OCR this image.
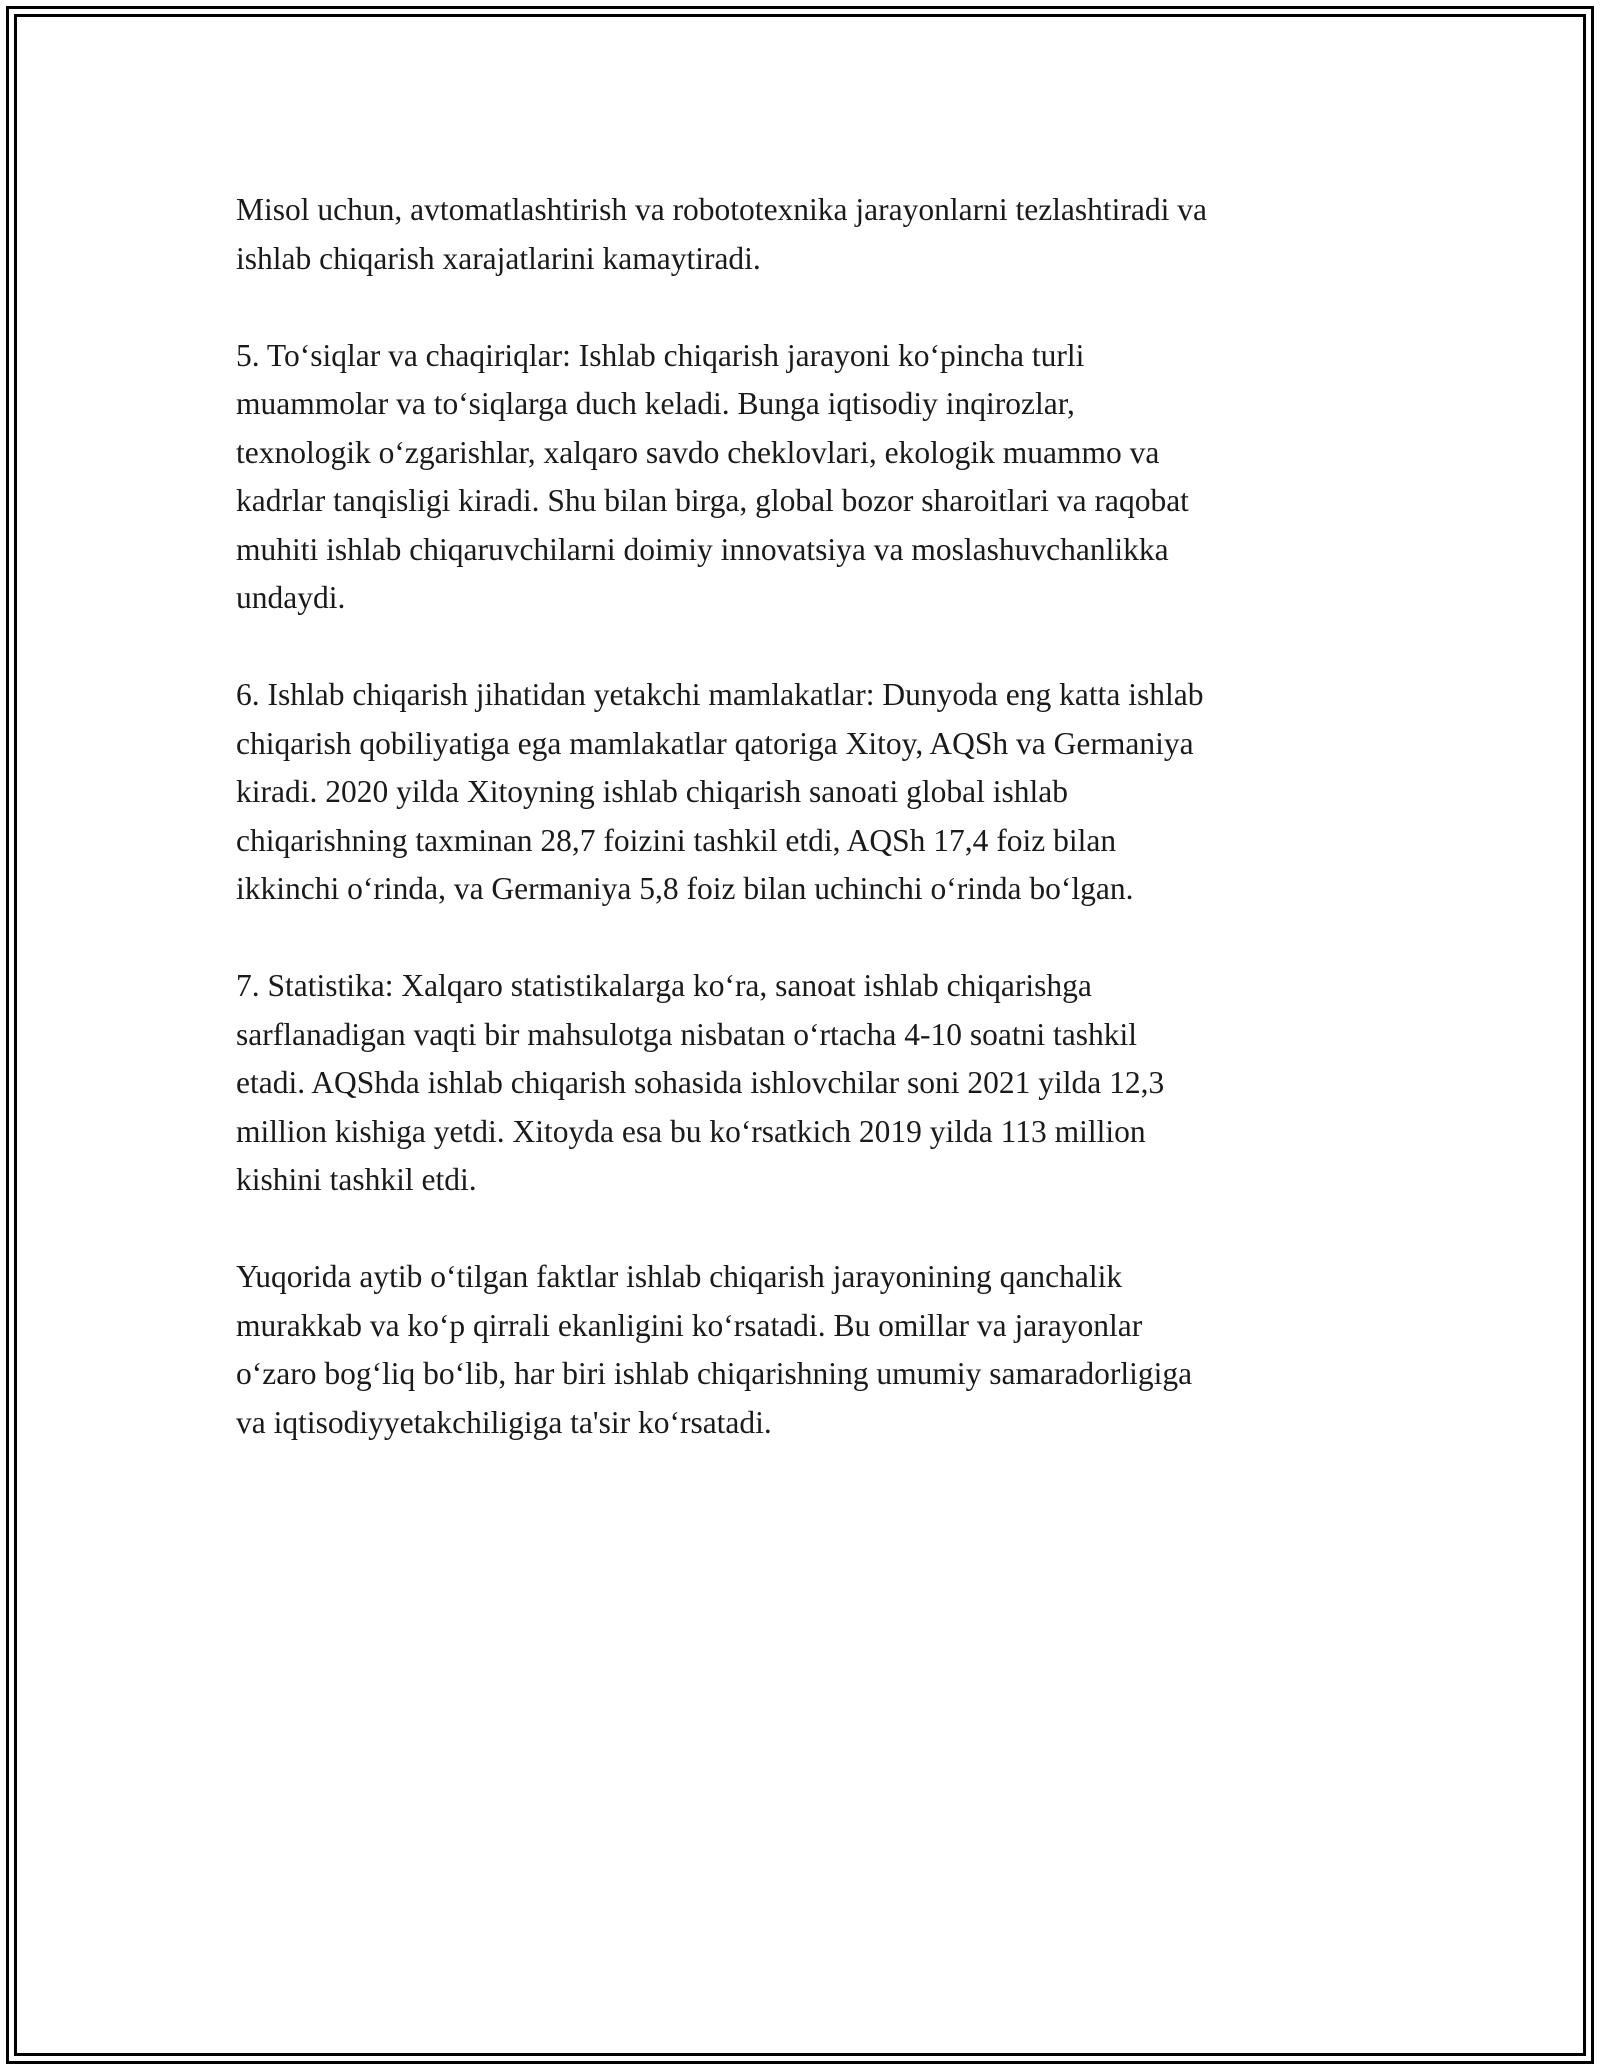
Misol uchun, avtomatlashtirish va robototexnika jarayonlarni tezlashtiradi va
ishlab chiqarish xarajatlarini kamaytiradi.

5. To‘siqlar va chaqiriqlar: Ishlab chiqarish jarayoni ko‘pincha turli
muammolar va to‘siqlarga duch keladi. Bunga iqtisodiy inqirozlar,
texnologik o‘zgarishlar, xalqaro savdo cheklovlari, ekologik muammo va
kadrlar tanqisligi kiradi. Shu bilan birga, global bozor sharoitlari va raqobat
muhiti ishlab chiqaruvchilarni doimiy innovatsiya va moslashuvchanlikka
undaydi.

6. Ishlab chiqarish jihatidan yetakchi mamlakatlar: Dunyoda eng katta ishlab
chiqarish qobiliyatiga ega mamlakatlar qatoriga Xitoy, AQSh va Germaniya
kiradi. 2020 yilda Xitoyning ishlab chiqarish sanoati global ishlab
chiqarishning taxminan 28,7 foizini tashkil etdi, AQSh 17,4 foiz bilan
ikkinchi o‘rinda, va Germaniya 5,8 foiz bilan uchinchi o‘rinda bo‘lgan.

7. Statistika: Xalqaro statistikalarga ko‘ra, sanoat ishlab chiqarishga
sarflanadigan vaqti bir mahsulotga nisbatan o‘rtacha 4-10 soatni tashkil
etadi. AQShda ishlab chiqarish sohasida ishlovchilar soni 2021 yilda 12,3
million kishiga yetdi. Xitoyda esa bu ko‘rsatkich 2019 yilda 113 million
kishini tashkil etdi.

Yuqorida aytib o‘tilgan faktlar ishlab chiqarish jarayonining qanchalik
murakkab va ko‘p qirrali ekanligini ko‘rsatadi. Bu omillar va jarayonlar
o‘zaro bog‘liq bo‘lib, har biri ishlab chiqarishning umumiy samaradorligiga
va iqtisodiyyetakchiligiga ta'sir ko‘rsatadi.
